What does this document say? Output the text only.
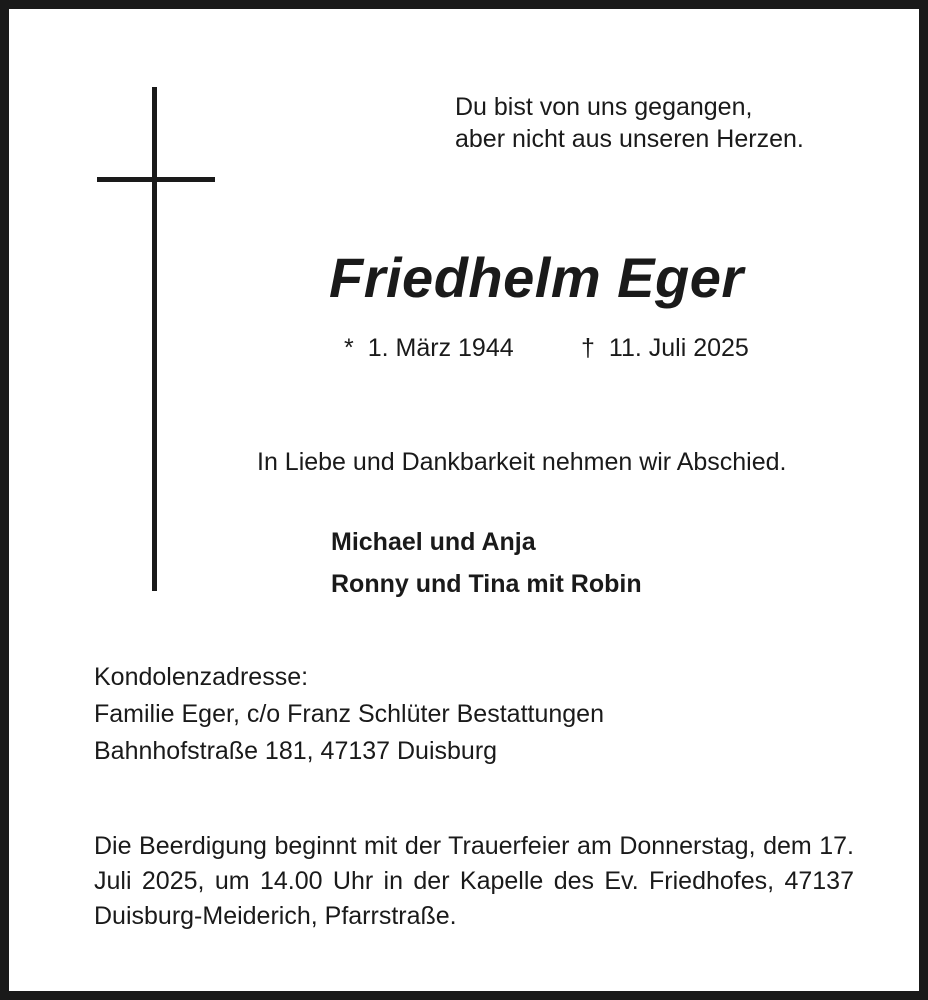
Du bist von uns gegangen,
aber nicht aus unseren Herzen.
Friedhelm Eger
* 1. März 1944	† 11. Juli 2025
In Liebe und Dankbarkeit nehmen wir Abschied.
Michael und Anja
Ronny und Tina mit Robin
Kondolenzadresse:
Familie Eger, c/o Franz Schlüter Bestattungen
Bahnhofstraße 181, 47137 Duisburg
Die Beerdigung beginnt mit der Trauerfeier am Donnerstag, dem 17. Juli 2025, um 14.00 Uhr in der Kapelle des Ev. Friedhofes, 47137 Duisburg-Meiderich, Pfarrstraße.
